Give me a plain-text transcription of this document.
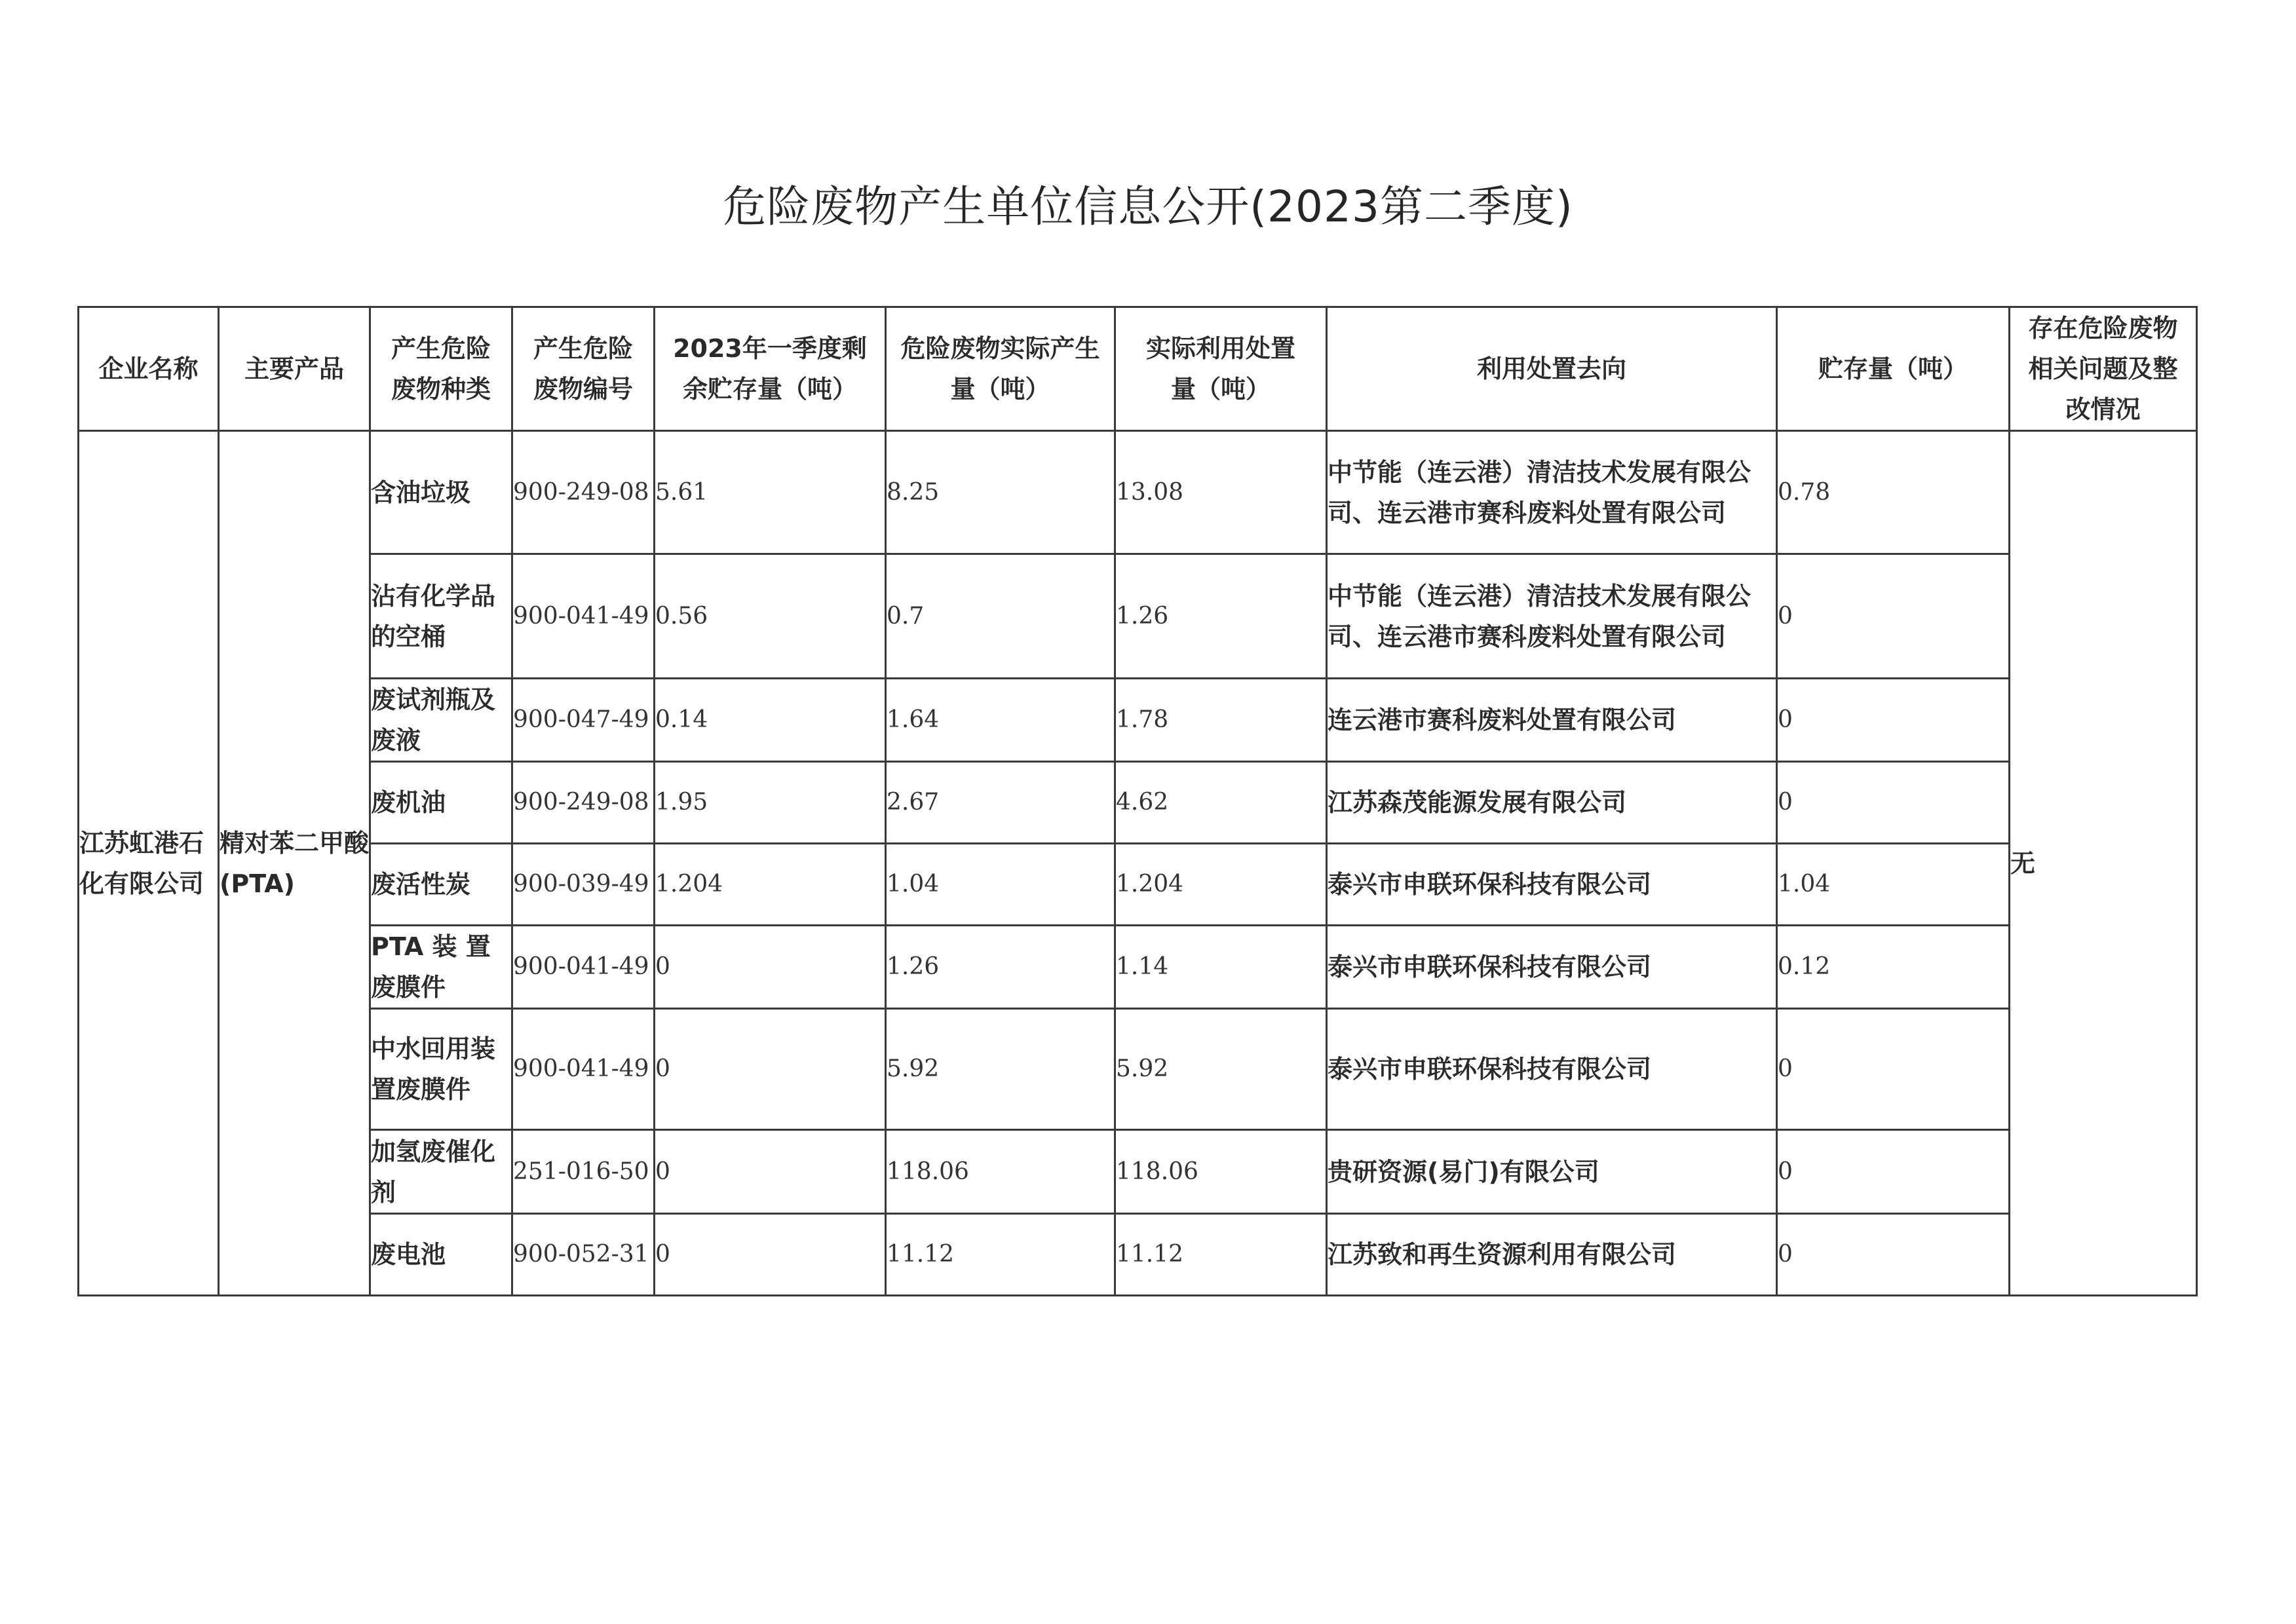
危险废物产生单位信息公开(2023第二季度)
企业名称	主要产品	产生危险废物种类	产生危险废物编号	2023年一季度剩余贮存量（吨）	危险废物实际产生量（吨）	实际利用处置量（吨）	利用处置去向	贮存量（吨）	存在危险废物相关问题及整改情况

江苏虹港石化有限公司	精对苯二甲酸(PTA)	含油垃圾	900-249-08	5.61	8.25	13.08	中节能（连云港）清洁技术发展有限公司、连云港市赛科废料处置有限公司	0.78	无
		沾有化学品的空桶	900-041-49	0.56	0.7	1.26	中节能（连云港）清洁技术发展有限公司、连云港市赛科废料处置有限公司	0	
		废试剂瓶及废液	900-047-49	0.14	1.64	1.78	连云港市赛科废料处置有限公司	0	
		废机油	900-249-08	1.95	2.67	4.62	江苏森茂能源发展有限公司	0	
		废活性炭	900-039-49	1.204	1.04	1.204	泰兴市申联环保科技有限公司	1.04	
		PTA 装 置 废膜件	900-041-49	0	1.26	1.14	泰兴市申联环保科技有限公司	0.12	
		中水回用装置废膜件	900-041-49	0	5.92	5.92	泰兴市申联环保科技有限公司	0	
		加氢废催化剂	251-016-50	0	118.06	118.06	贵研资源(易门)有限公司	0	
		废电池	900-052-31	0	11.12	11.12	江苏致和再生资源利用有限公司	0	
